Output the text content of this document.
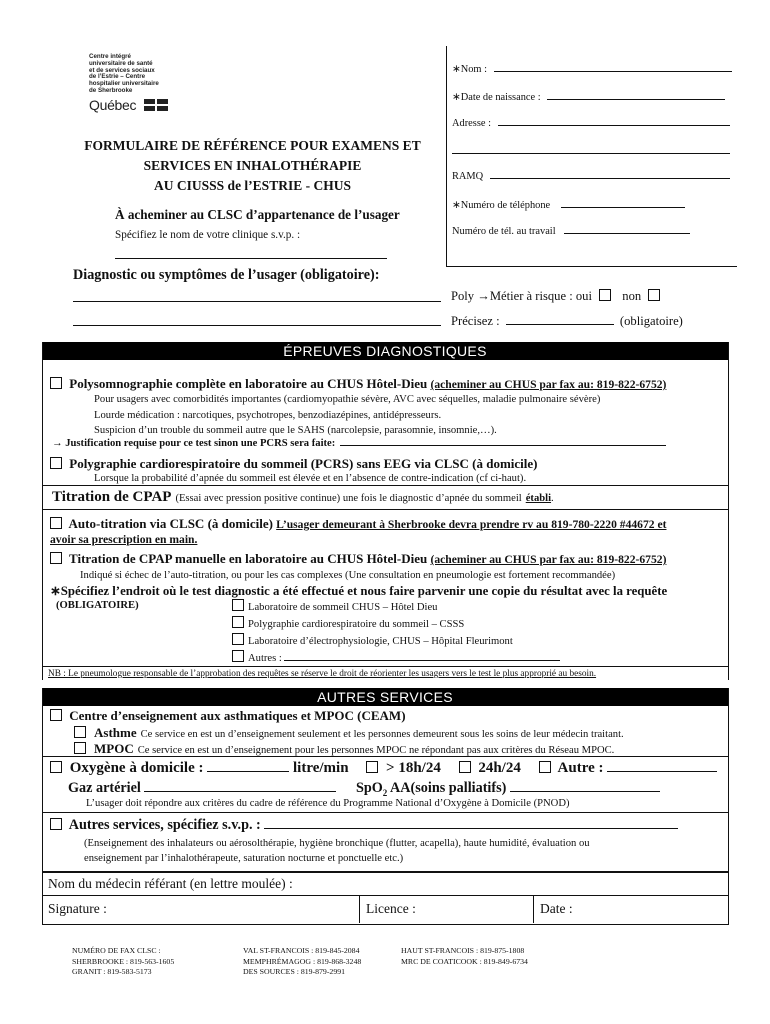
Centre intégré
universitaire de santé
et de services sociaux
de l’Estrie – Centre
hospitalier universitaire
de Sherbrooke
Québec
FORMULAIRE DE RÉFÉRENCE POUR EXAMENS ET
SERVICES EN INHALOTHÉRAPIE
AU CIUSSS de l’ESTRIE - CHUS
À acheminer au CLSC d’appartenance de l’usager
Spécifiez le nom de votre clinique s.v.p. :
∗Nom :
∗Date de naissance :
Adresse :
RAMQ
∗Numéro de téléphone
Numéro de tél. au travail
Diagnostic ou symptômes de l’usager (obligatoire):
Poly →Métier à risque : oui non
Précisez :	(obligatoire)
ÉPREUVES DIAGNOSTIQUES
Polysomnographie complète en laboratoire au CHUS Hôtel-Dieu (acheminer au CHUS par fax au: 819-822-6752)
Pour usagers avec comorbidités importantes (cardiomyopathie sévère, AVC avec séquelles, maladie pulmonaire sévère)
Lourde médication : narcotiques, psychotropes, benzodiazépines, antidépresseurs.
Suspicion d’un trouble du sommeil autre que le SAHS (narcolepsie, parasomnie, insomnie,…).
→ Justification requise pour ce test sinon une PCRS sera faite:
Polygraphie cardiorespiratoire du sommeil (PCRS) sans EEG via CLSC (à domicile)
Lorsque la probabilité d’apnée du sommeil est élevée et en l’absence de contre-indication (cf ci-haut).
Titration de CPAP (Essai avec pression positive continue) une fois le diagnostic d’apnée du sommeil établi.
Auto-titration via CLSC (à domicile) L’usager demeurant à Sherbrooke devra prendre rv au 819-780-2220 #44672 et
avoir sa prescription en main.
Titration de CPAP manuelle en laboratoire au CHUS Hôtel-Dieu (acheminer au CHUS par fax au: 819-822-6752)
Indiqué si échec de l’auto-titration, ou pour les cas complexes (Une consultation en pneumologie est fortement recommandée)
∗Spécifiez l’endroit où le test diagnostic a été effectué et nous faire parvenir une copie du résultat avec la requête
(OBLIGATOIRE)	Laboratoire de sommeil CHUS – Hôtel Dieu
Polygraphie cardiorespiratoire du sommeil – CSSS
Laboratoire d’électrophysiologie, CHUS – Hôpital Fleurimont
Autres :
NB : Le pneumologue responsable de l’approbation des requêtes se réserve le droit de réorienter les usagers vers le test le plus approprié au besoin.
AUTRES SERVICES
Centre d’enseignement aux asthmatiques et MPOC (CEAM)
Asthme Ce service en est un d’enseignement seulement et les personnes demeurent sous les soins de leur médecin traitant.
MPOC Ce service en est un d’enseignement pour les personnes MPOC ne répondant pas aux critères du Réseau MPOC.
Oxygène à domicile :	litre/min	> 18h/24	24h/24 Autre :
Gaz artériel	SpO$_2$ AA(soins palliatifs)
L’usager doit répondre aux critères du cadre de référence du Programme National d’Oxygène à Domicile (PNOD)
Autres services, spécifiez s.v.p. :
(Enseignement des inhalateurs ou aérosolthérapie, hygiène bronchique (flutter, acapella), haute humidité, évaluation ou
enseignement par l’inhalothérapeute, saturation nocturne et ponctuelle etc.)
Nom du médecin référant (en lettre moulée) :
Signature :	Licence :	Date :
NUMÉRO DE FAX CLSC :
SHERBROOKE : 819-563-1605
GRANIT : 819-583-5173
VAL ST-FRANCOIS : 819-845-2084
MEMPHRÉMAGOG : 819-868-3248
DES SOURCES : 819-879-2991
HAUT ST-FRANCOIS : 819-875-1808
MRC DE COATICOOK : 819-849-6734
